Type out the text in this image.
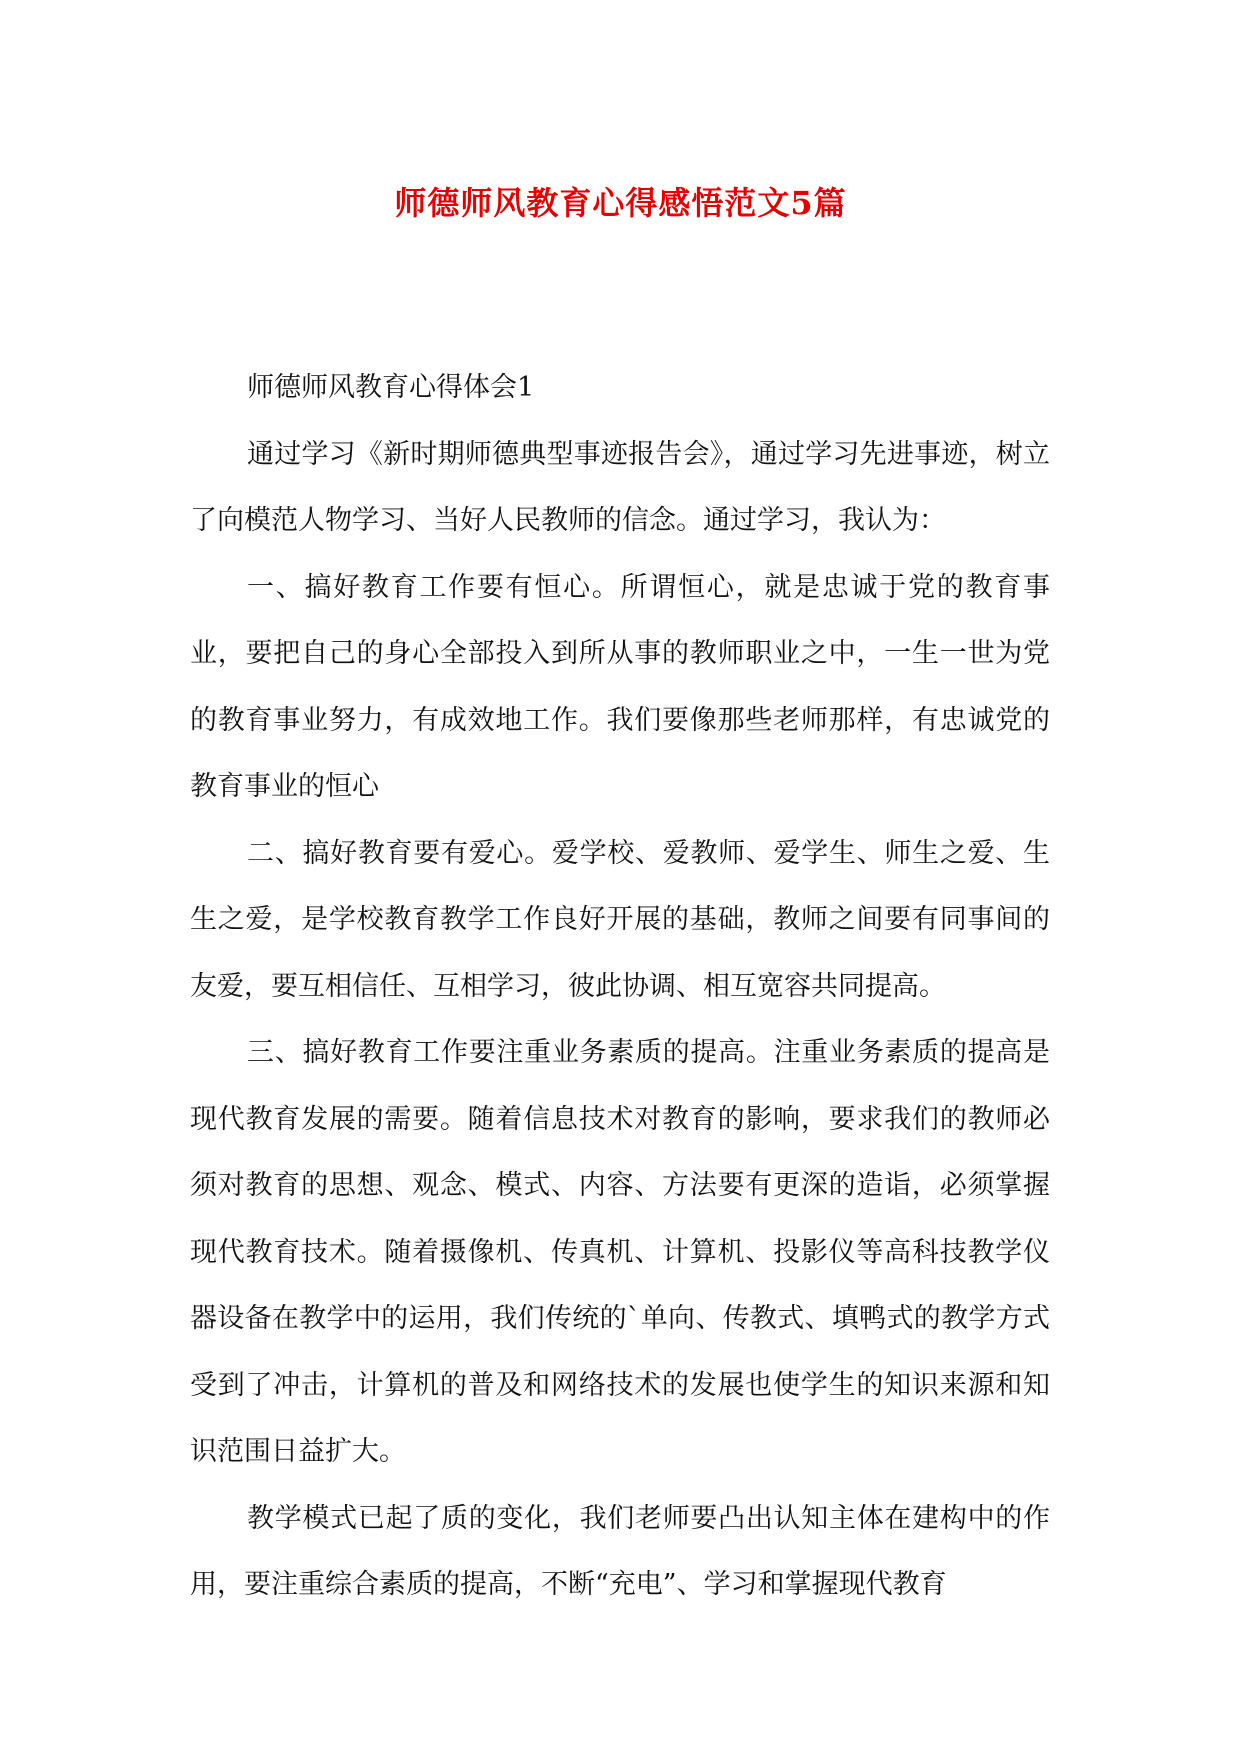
师德师风教育心得感悟范文5篇

师德师风教育心得体会1

通过学习《新时期师德典型事迹报告会》，通过学习先进事迹，树立了向模范人物学习、当好人民教师的信念。通过学习，我认为：

一、搞好教育工作要有恒心。所谓恒心，就是忠诚于党的教育事业，要把自己的身心全部投入到所从事的教师职业之中，一生一世为党的教育事业努力，有成效地工作。我们要像那些老师那样，有忠诚党的教育事业的恒心

二、搞好教育要有爱心。爱学校、爱教师、爱学生、师生之爱、生生之爱，是学校教育教学工作良好开展的基础，教师之间要有同事间的友爱，要互相信任、互相学习，彼此协调、相互宽容共同提高。

三、搞好教育工作要注重业务素质的提高。注重业务素质的提高是现代教育发展的需要。随着信息技术对教育的影响，要求我们的教师必须对教育的思想、观念、模式、内容、方法要有更深的造诣，必须掌握现代教育技术。随着摄像机、传真机、计算机、投影仪等高科技教学仪器设备在教学中的运用，我们传统的`单向、传教式、填鸭式的教学方式受到了冲击，计算机的普及和网络技术的发展也使学生的知识来源和知识范围日益扩大。

教学模式已起了质的变化，我们老师要凸出认知主体在建构中的作用，要注重综合素质的提高，不断“充电”、学习和掌握现代教育
